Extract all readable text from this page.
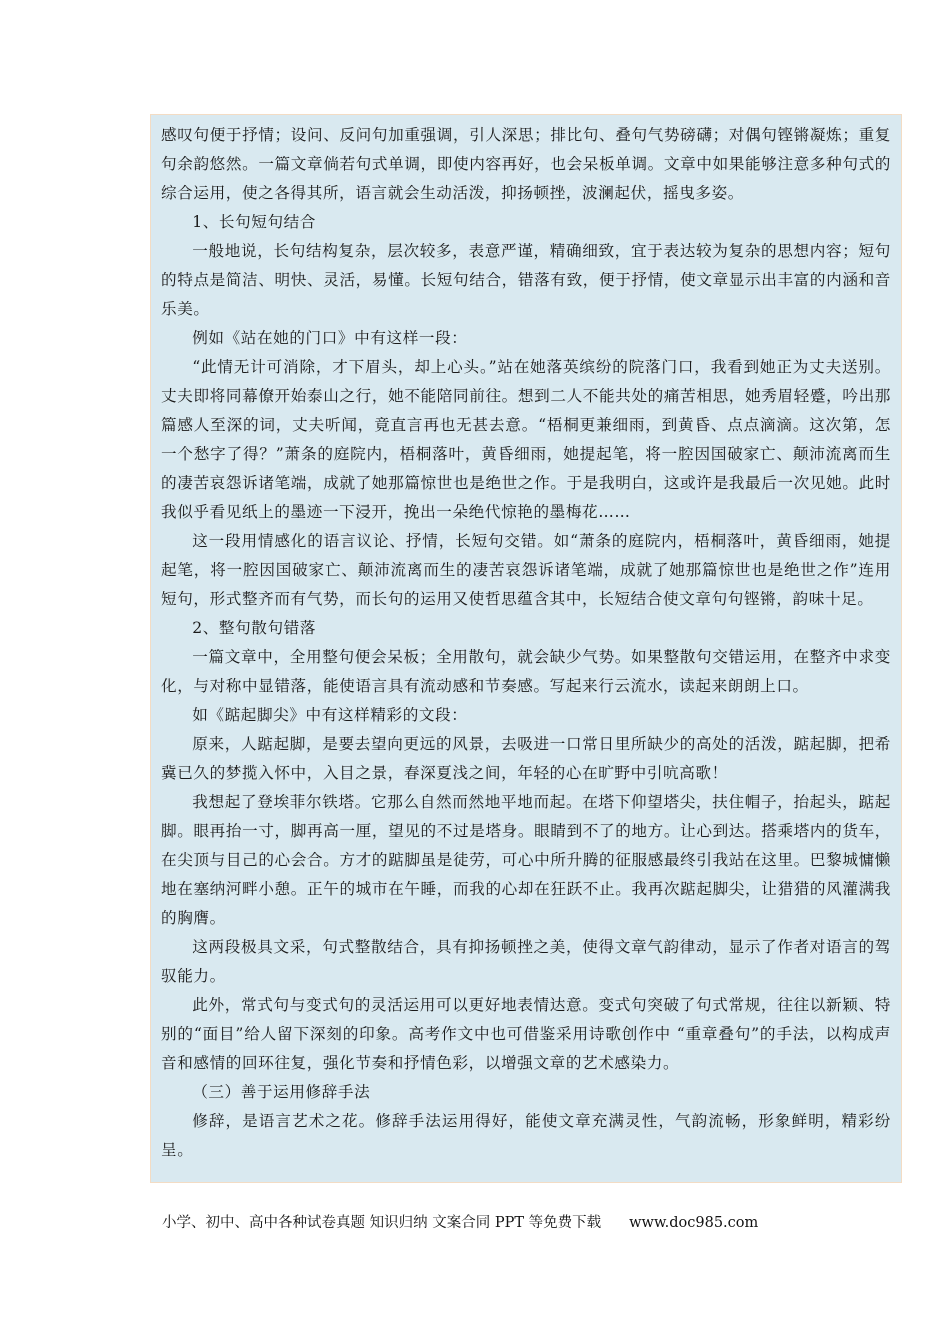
感叹句便于抒情；设问、反问句加重强调，引人深思；排比句、叠句气势磅礴；对偶句铿锵凝炼；重复句余韵悠然。一篇文章倘若句式单调，即使内容再好，也会呆板单调。文章中如果能够注意多种句式的综合运用，使之各得其所，语言就会生动活泼，抑扬顿挫，波澜起伏，摇曳多姿。

1、长句短句结合

一般地说，长句结构复杂，层次较多，表意严谨，精确细致，宜于表达较为复杂的思想内容；短句的特点是简洁、明快、灵活，易懂。长短句结合，错落有致，便于抒情，使文章显示出丰富的内涵和音乐美。

例如《站在她的门口》中有这样一段：

“此情无计可消除，才下眉头，却上心头。”站在她落英缤纷的院落门口，我看到她正为丈夫送别。丈夫即将同幕僚开始泰山之行，她不能陪同前往。想到二人不能共处的痛苦相思，她秀眉轻蹙，吟出那篇感人至深的词，丈夫听闻，竟直言再也无甚去意。“梧桐更兼细雨，到黄昏、点点滴滴。这次第，怎一个愁字了得？”萧条的庭院内，梧桐落叶，黄昏细雨，她提起笔，将一腔因国破家亡、颠沛流离而生的凄苦哀怨诉诸笔端，成就了她那篇惊世也是绝世之作。于是我明白，这或许是我最后一次见她。此时我似乎看见纸上的墨迹一下浸开，挽出一朵绝代惊艳的墨梅花……

这一段用情感化的语言议论、抒情，长短句交错。如“萧条的庭院内，梧桐落叶，黄昏细雨，她提起笔，将一腔因国破家亡、颠沛流离而生的凄苦哀怨诉诸笔端，成就了她那篇惊世也是绝世之作”连用短句，形式整齐而有气势，而长句的运用又使哲思蕴含其中，长短结合使文章句句铿锵，韵味十足。

2、整句散句错落

一篇文章中，全用整句便会呆板；全用散句，就会缺少气势。如果整散句交错运用，在整齐中求变化，与对称中显错落，能使语言具有流动感和节奏感。写起来行云流水，读起来朗朗上口。

如《踮起脚尖》中有这样精彩的文段：

原来，人踮起脚，是要去望向更远的风景，去吸进一口常日里所缺少的高处的活泼，踮起脚，把希冀已久的梦揽入怀中，入目之景，春深夏浅之间，年轻的心在旷野中引吭高歌！

我想起了登埃菲尔铁塔。它那么自然而然地平地而起。在塔下仰望塔尖，扶住帽子，抬起头，踮起脚。眼再抬一寸，脚再高一厘，望见的不过是塔身。眼睛到不了的地方。让心到达。搭乘塔内的货车，在尖顶与目己的心会合。方才的踮脚虽是徒劳，可心中所升腾的征服感最终引我站在这里。巴黎城慵懒地在塞纳河畔小憩。正午的城市在午睡，而我的心却在狂跃不止。我再次踮起脚尖，让猎猎的风灌满我的胸膺。

这两段极具文采，句式整散结合，具有抑扬顿挫之美，使得文章气韵律动，显示了作者对语言的驾驭能力。

此外，常式句与变式句的灵活运用可以更好地表情达意。变式句突破了句式常规，往往以新颖、特别的“面目”给人留下深刻的印象。高考作文中也可借鉴采用诗歌创作中 “重章叠句”的手法，以构成声音和感情的回环往复，强化节奏和抒情色彩，以增强文章的艺术感染力。

（三）善于运用修辞手法

修辞，是语言艺术之花。修辞手法运用得好，能使文章充满灵性，气韵流畅，形象鲜明，精彩纷呈。

小学、初中、高中各种试卷真题 知识归纳 文案合同 PPT 等免费下载 www.doc985.com
